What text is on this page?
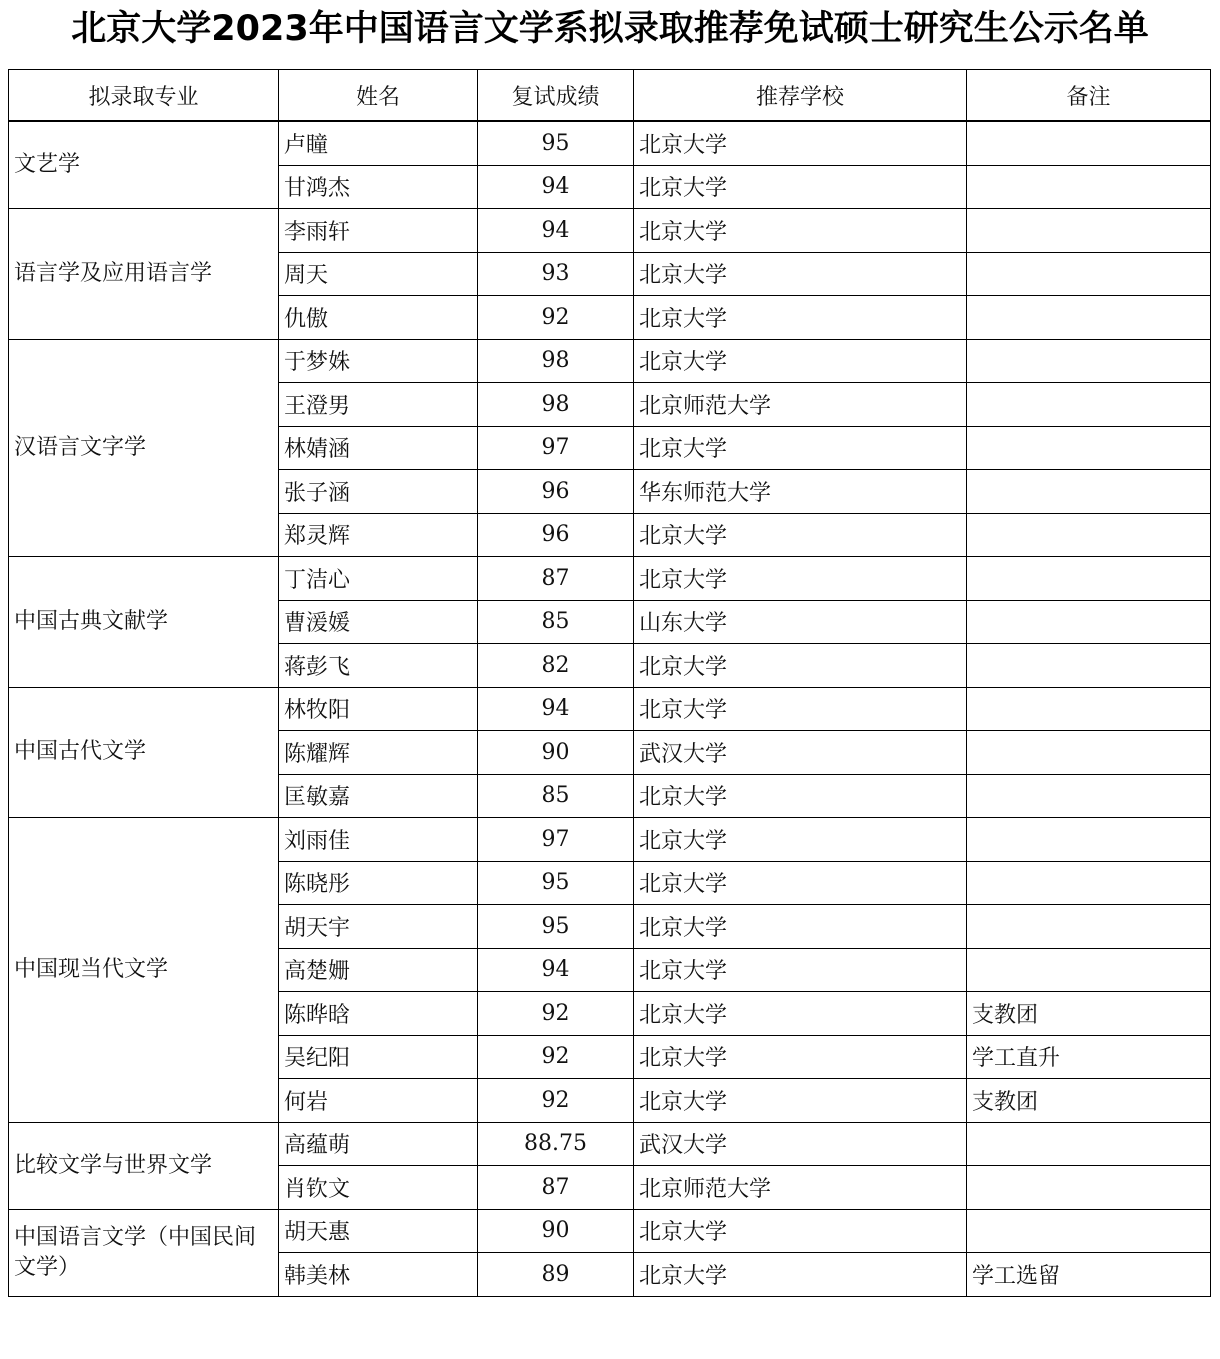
北京大学2023年中国语言文学系拟录取推荐免试硕士研究生公示名单
拟录取专业	姓名	复试成绩	推荐学校	备注
文艺学	卢瞳	95	北京大学	
	甘鸿杰	94	北京大学	
语言学及应用语言学	李雨轩	94	北京大学	
	周天	93	北京大学	
	仇傲	92	北京大学	
汉语言文字学	于梦姝	98	北京大学	
	王澄男	98	北京师范大学	
	林婧涵	97	北京大学	
	张子涵	96	华东师范大学	
	郑灵辉	96	北京大学	
中国古典文献学	丁洁心	87	北京大学	
	曹湲媛	85	山东大学	
	蒋彭飞	82	北京大学	
中国古代文学	林牧阳	94	北京大学	
	陈耀辉	90	武汉大学	
	匡敏嘉	85	北京大学	
中国现当代文学	刘雨佳	97	北京大学	
	陈晓彤	95	北京大学	
	胡天宇	95	北京大学	
	高楚姗	94	北京大学	
	陈晔晗	92	北京大学	支教团
	吴纪阳	92	北京大学	学工直升
	何岩	92	北京大学	支教团
比较文学与世界文学	高蕴萌	88.75	武汉大学	
	肖钦文	87	北京师范大学	
中国语言文学（中国民间文学）	胡天惠	90	北京大学	
	韩美林	89	北京大学	学工选留
